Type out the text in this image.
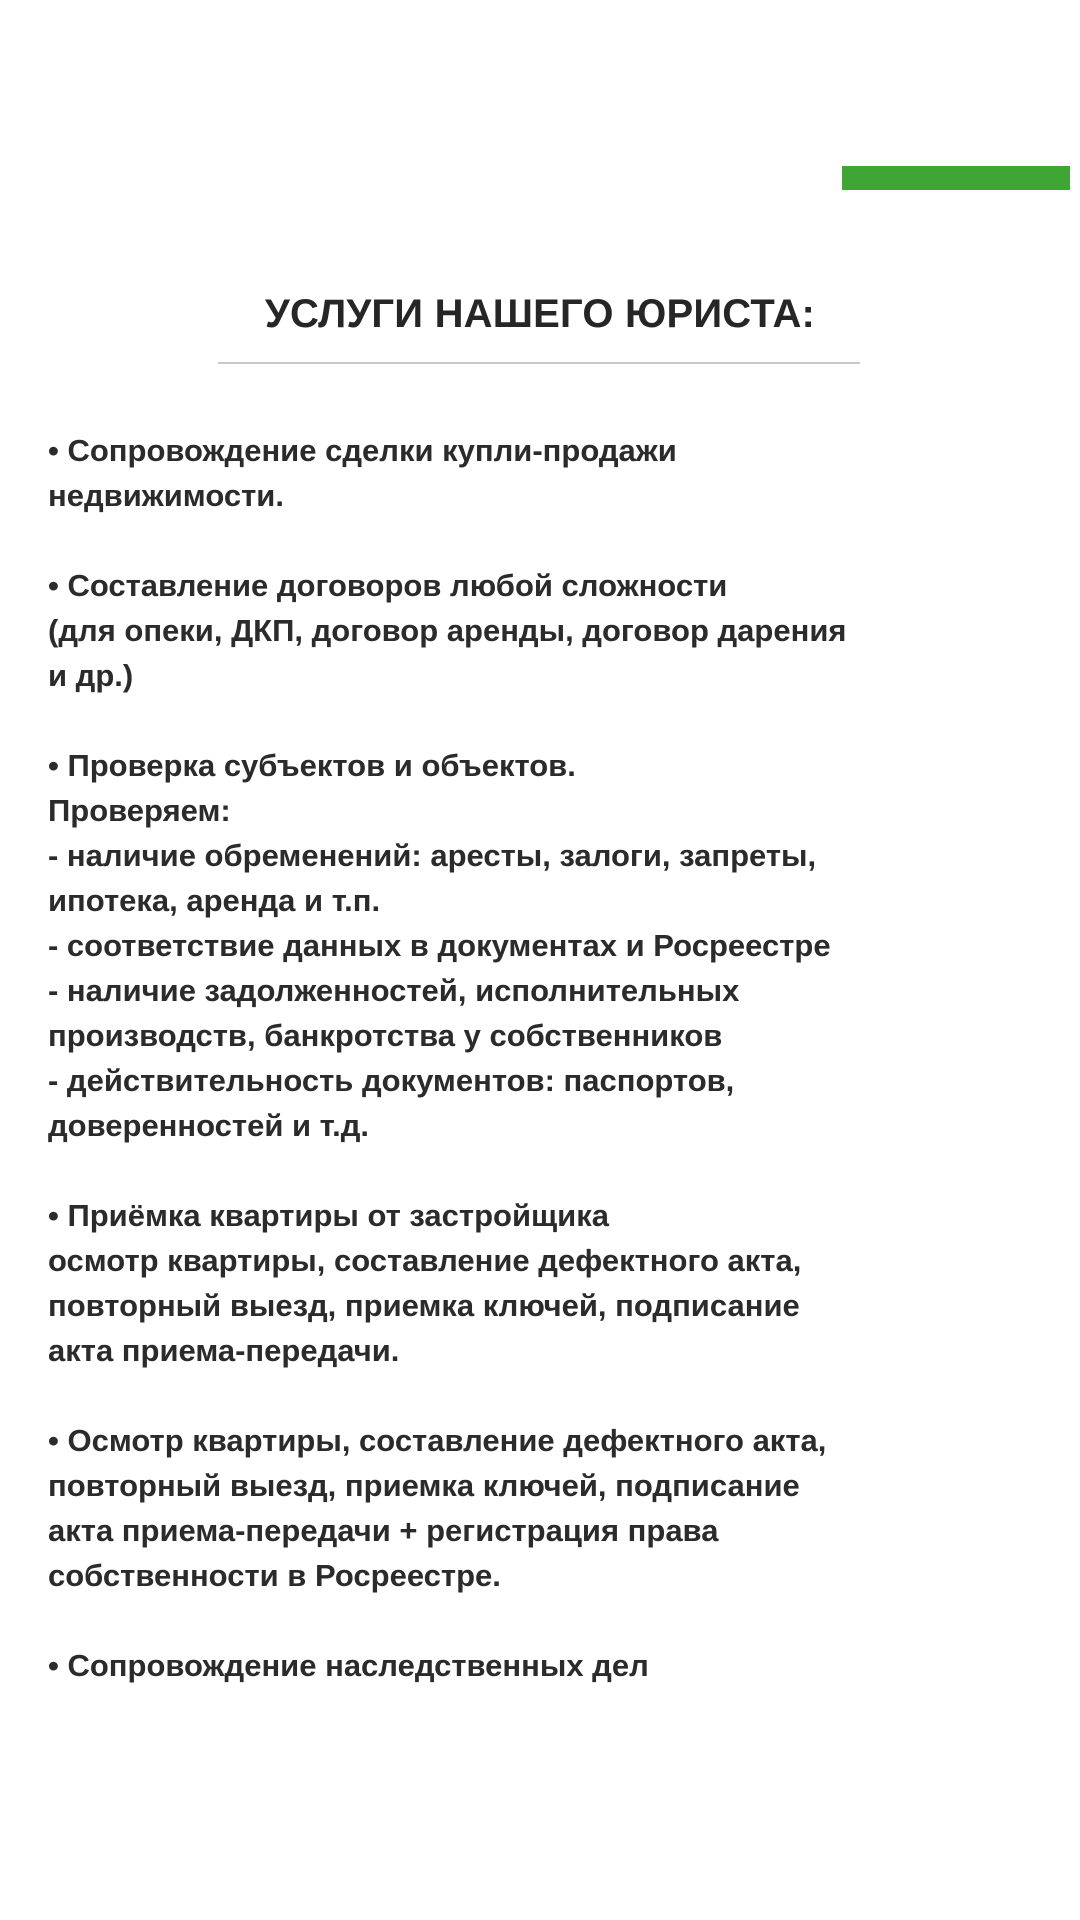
УСЛУГИ НАШЕГО ЮРИСТА:
• Сопровождение сделки купли-продажи
недвижимости.
• Составление договоров любой сложности
(для опеки, ДКП, договор аренды, договор дарения
и др.)
• Проверка субъектов и объектов.
Проверяем:
- наличие обременений: аресты, залоги, запреты,
ипотека, аренда и т.п.
- соответствие данных в документах и Росреестре
- наличие задолженностей, исполнительных
производств, банкротства у собственников
- действительность документов: паспортов,
доверенностей и т.д.
• Приёмка квартиры от застройщика
осмотр квартиры, составление дефектного акта,
повторный выезд, приемка ключей, подписание
акта приема-передачи.
• Осмотр квартиры, составление дефектного акта,
повторный выезд, приемка ключей, подписание
акта приема-передачи + регистрация права
собственности в Росреестре.
• Сопровождение наследственных дел
